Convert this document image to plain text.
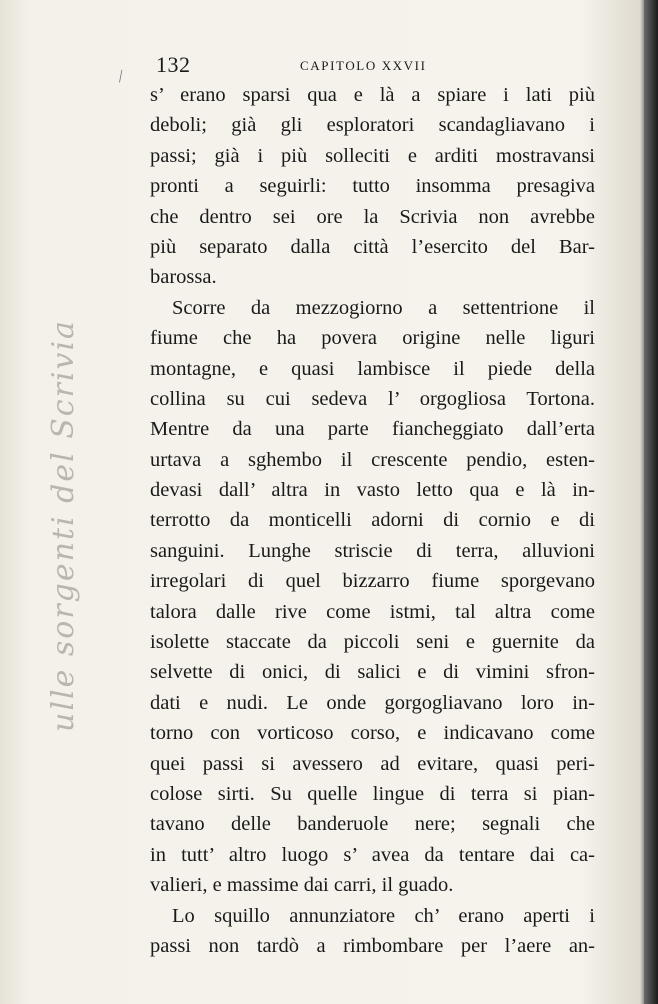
\ 132	CAPITOLO XXVII
ulle sorgenti del Scrivia
s’ erano sparsi qua e là a spiare i lati più
deboli; già gli esploratori scandagliavano i
passi; già i più solleciti e arditi mostravansi
pronti a seguirli: tutto insomma presagiva
che dentro sei ore la Scrivia non avrebbe
più separato dalla città l’esercito del Bar-
barossa.
Scorre da mezzogiorno a settentrione il
fiume che ha povera origine nelle liguri
montagne, e quasi lambisce il piede della
collina su cui sedeva l’ orgogliosa Tortona.
Mentre da una parte fiancheggiato dall’erta
urtava a sghembo il crescente pendio, esten-
devasi dall’ altra in vasto letto qua e là in-
terrotto da monticelli adorni di cornio e di
sanguini. Lunghe striscie di terra, alluvioni
irregolari di quel bizzarro fiume sporgevano
talora dalle rive come istmi, tal altra come
isolette staccate da piccoli seni e guernite da
selvette di onici, di salici e di vimini sfron-
dati e nudi. Le onde gorgogliavano loro in-
torno con vorticoso corso, e indicavano come
quei passi si avessero ad evitare, quasi peri-
colose sirti. Su quelle lingue di terra si pian-
tavano delle banderuole nere; segnali che
in tutt’ altro luogo s’ avea da tentare dai ca-
valieri, e massime dai carri, il guado.
Lo squillo annunziatore ch’ erano aperti i
passi non tardò a rimbombare per l’aere an-
